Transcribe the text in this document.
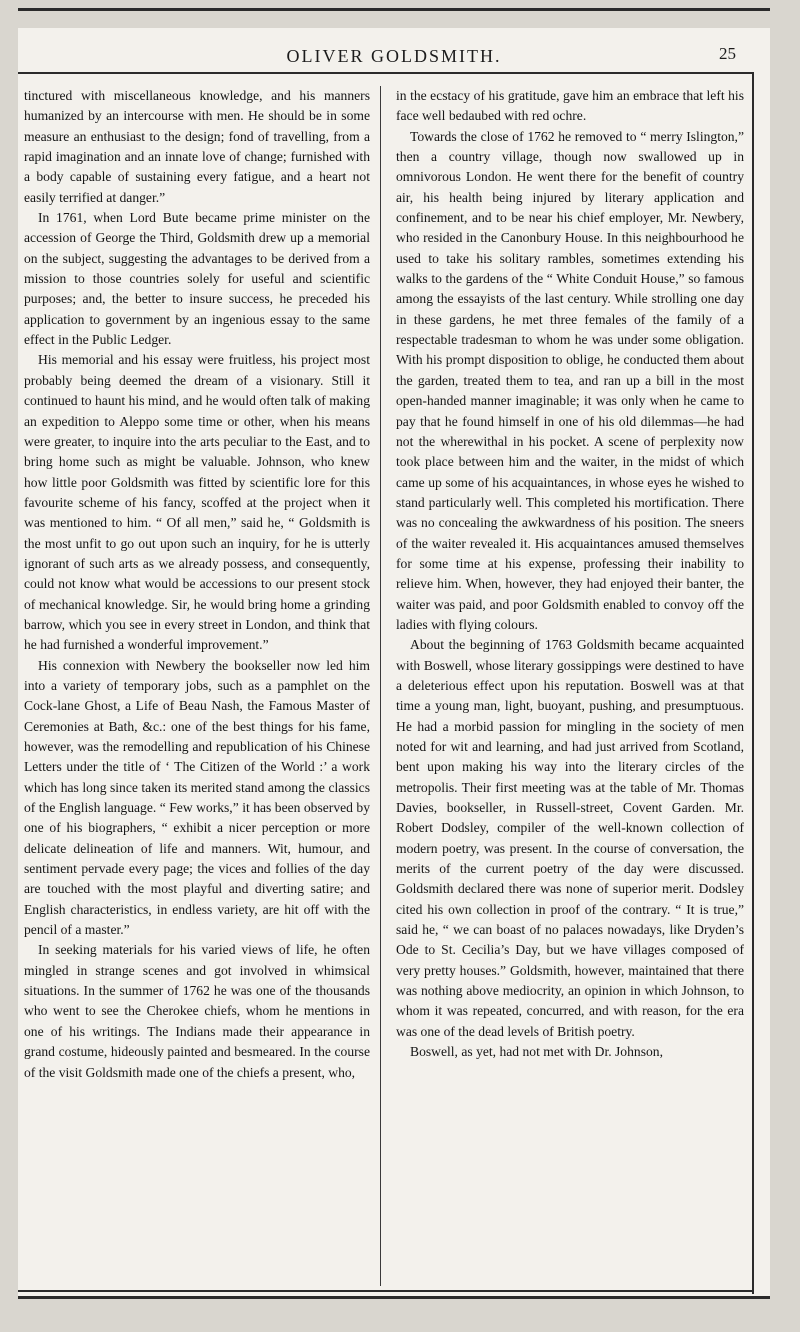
OLIVER GOLDSMITH.	25

tinctured with miscellaneous knowledge, and his manners humanized by an intercourse with men. He should be in some measure an enthusiast to the design; fond of travelling, from a rapid imagination and an innate love of change; furnished with a body capable of sustaining every fatigue, and a heart not easily terrified at danger.”

In 1761, when Lord Bute became prime minister on the accession of George the Third, Goldsmith drew up a memorial on the subject, suggesting the advantages to be derived from a mission to those countries solely for useful and scientific purposes; and, the better to insure success, he preceded his application to government by an ingenious essay to the same effect in the Public Ledger.

His memorial and his essay were fruitless, his project most probably being deemed the dream of a visionary. Still it continued to haunt his mind, and he would often talk of making an expedition to Aleppo some time or other, when his means were greater, to inquire into the arts peculiar to the East, and to bring home such as might be valuable. Johnson, who knew how little poor Goldsmith was fitted by scientific lore for this favourite scheme of his fancy, scoffed at the project when it was mentioned to him. “ Of all men,” said he, “ Goldsmith is the most unfit to go out upon such an inquiry, for he is utterly ignorant of such arts as we already possess, and consequently, could not know what would be accessions to our present stock of mechanical knowledge. Sir, he would bring home a grinding barrow, which you see in every street in London, and think that he had furnished a wonderful improvement.”

His connexion with Newbery the bookseller now led him into a variety of temporary jobs, such as a pamphlet on the Cock-lane Ghost, a Life of Beau Nash, the Famous Master of Ceremonies at Bath, &c.: one of the best things for his fame, however, was the remodelling and republication of his Chinese Letters under the title of ‘ The Citizen of the World :’ a work which has long since taken its merited stand among the classics of the English language. “ Few works,” it has been observed by one of his biographers, “ exhibit a nicer perception or more delicate delineation of life and manners. Wit, humour, and sentiment pervade every page; the vices and follies of the day are touched with the most playful and diverting satire; and English characteristics, in endless variety, are hit off with the pencil of a master.”

In seeking materials for his varied views of life, he often mingled in strange scenes and got involved in whimsical situations. In the summer of 1762 he was one of the thousands who went to see the Cherokee chiefs, whom he mentions in one of his writings. The Indians made their appearance in grand costume, hideously painted and besmeared. In the course of the visit Goldsmith made one of the chiefs a present, who,

in the ecstacy of his gratitude, gave him an embrace that left his face well bedaubed with red ochre.

Towards the close of 1762 he removed to “ merry Islington,” then a country village, though now swallowed up in omnivorous London. He went there for the benefit of country air, his health being injured by literary application and confinement, and to be near his chief employer, Mr. Newbery, who resided in the Canonbury House. In this neighbourhood he used to take his solitary rambles, sometimes extending his walks to the gardens of the “ White Conduit House,” so famous among the essayists of the last century. While strolling one day in these gardens, he met three females of the family of a respectable tradesman to whom he was under some obligation. With his prompt disposition to oblige, he conducted them about the garden, treated them to tea, and ran up a bill in the most open-handed manner imaginable; it was only when he came to pay that he found himself in one of his old dilemmas—he had not the wherewithal in his pocket. A scene of perplexity now took place between him and the waiter, in the midst of which came up some of his acquaintances, in whose eyes he wished to stand particularly well. This completed his mortification. There was no concealing the awkwardness of his position. The sneers of the waiter revealed it. His acquaintances amused themselves for some time at his expense, professing their inability to relieve him. When, however, they had enjoyed their banter, the waiter was paid, and poor Goldsmith enabled to convoy off the ladies with flying colours.

About the beginning of 1763 Goldsmith became acquainted with Boswell, whose literary gossippings were destined to have a deleterious effect upon his reputation. Boswell was at that time a young man, light, buoyant, pushing, and presumptuous. He had a morbid passion for mingling in the society of men noted for wit and learning, and had just arrived from Scotland, bent upon making his way into the literary circles of the metropolis. Their first meeting was at the table of Mr. Thomas Davies, bookseller, in Russell-street, Covent Garden. Mr. Robert Dodsley, compiler of the well-known collection of modern poetry, was present. In the course of conversation, the merits of the current poetry of the day were discussed. Goldsmith declared there was none of superior merit. Dodsley cited his own collection in proof of the contrary. “ It is true,” said he, “ we can boast of no palaces nowadays, like Dryden’s Ode to St. Cecilia’s Day, but we have villages composed of very pretty houses.” Goldsmith, however, maintained that there was nothing above mediocrity, an opinion in which Johnson, to whom it was repeated, concurred, and with reason, for the era was one of the dead levels of British poetry.

Boswell, as yet, had not met with Dr. Johnson,
